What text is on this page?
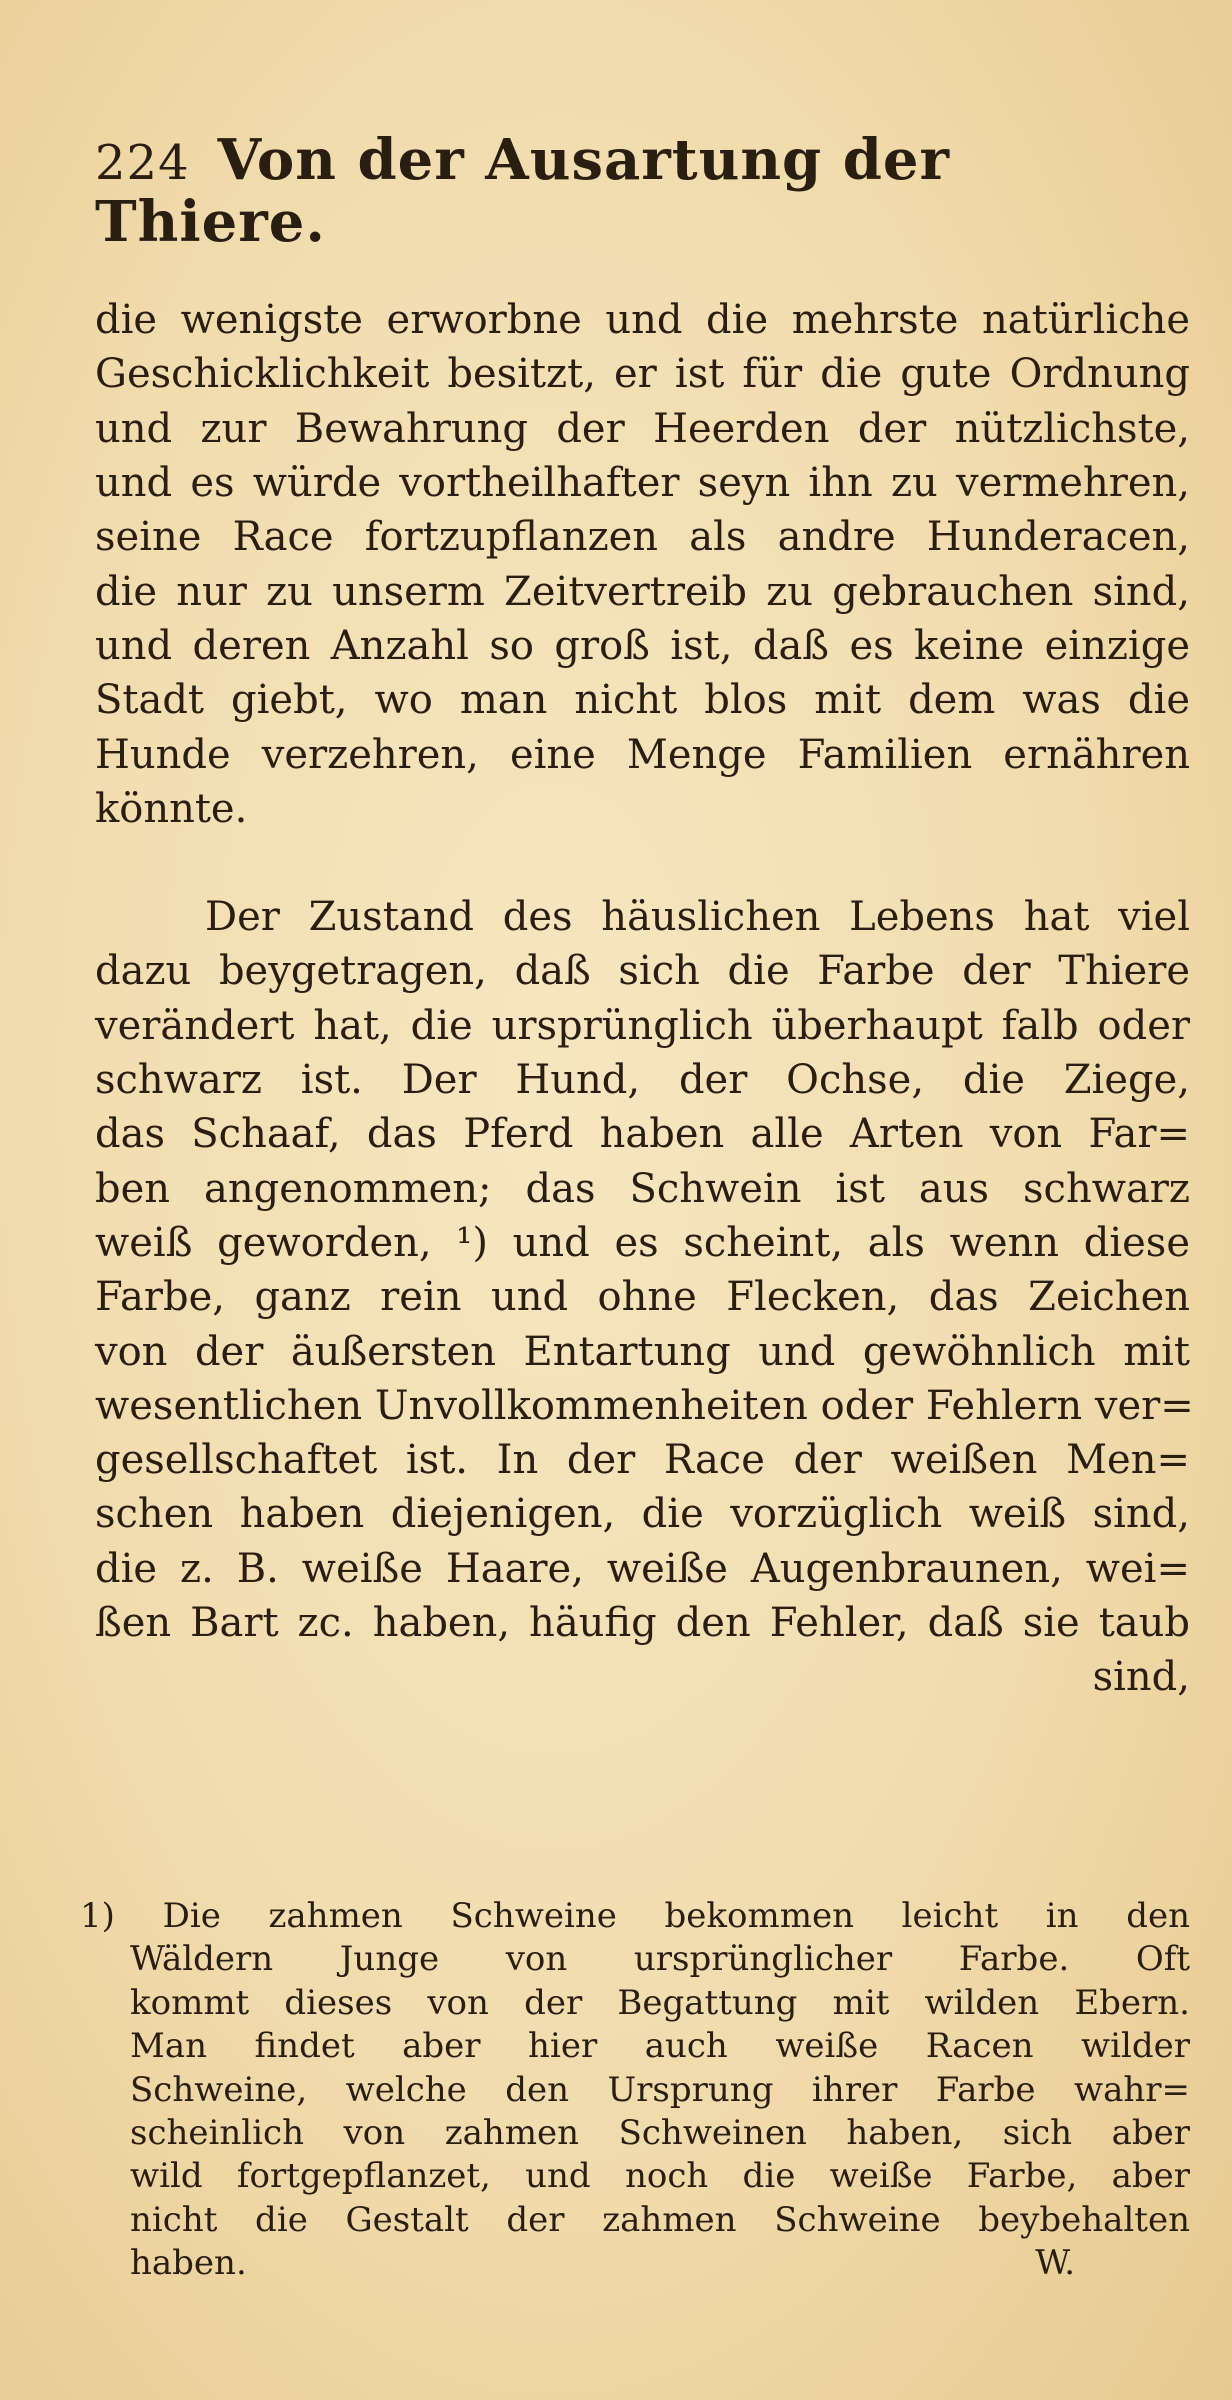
224 Von der Ausartung der Thiere.
die wenigste erworbne und die mehrste natürliche
Geschicklichkeit besitzt, er ist für die gute Ordnung
und zur Bewahrung der Heerden der nützlichste,
und es würde vortheilhafter seyn ihn zu vermehren,
seine Race fortzupflanzen als andre Hunderacen,
die nur zu unserm Zeitvertreib zu gebrauchen sind,
und deren Anzahl so groß ist, daß es keine einzige
Stadt giebt, wo man nicht blos mit dem was die
Hunde verzehren, eine Menge Familien ernähren
könnte.
Der Zustand des häuslichen Lebens hat viel
dazu beygetragen, daß sich die Farbe der Thiere
verändert hat, die ursprünglich überhaupt falb oder
schwarz ist. Der Hund, der Ochse, die Ziege,
das Schaaf, das Pferd haben alle Arten von Far=
ben angenommen; das Schwein ist aus schwarz
weiß geworden, ¹) und es scheint, als wenn diese
Farbe, ganz rein und ohne Flecken, das Zeichen
von der äußersten Entartung und gewöhnlich mit
wesentlichen Unvollkommenheiten oder Fehlern ver=
gesellschaftet ist. In der Race der weißen Men=
schen haben diejenigen, die vorzüglich weiß sind,
die z. B. weiße Haare, weiße Augenbraunen, wei=
ßen Bart zc. haben, häufig den Fehler, daß sie taub
sind,
1) Die zahmen Schweine bekommen leicht in den
Wäldern Junge von ursprünglicher Farbe. Oft
kommt dieses von der Begattung mit wilden Ebern.
Man findet aber hier auch weiße Racen wilder
Schweine, welche den Ursprung ihrer Farbe wahr=
scheinlich von zahmen Schweinen haben, sich aber
wild fortgepflanzet, und noch die weiße Farbe, aber
nicht die Gestalt der zahmen Schweine beybehalten
haben.	W.
